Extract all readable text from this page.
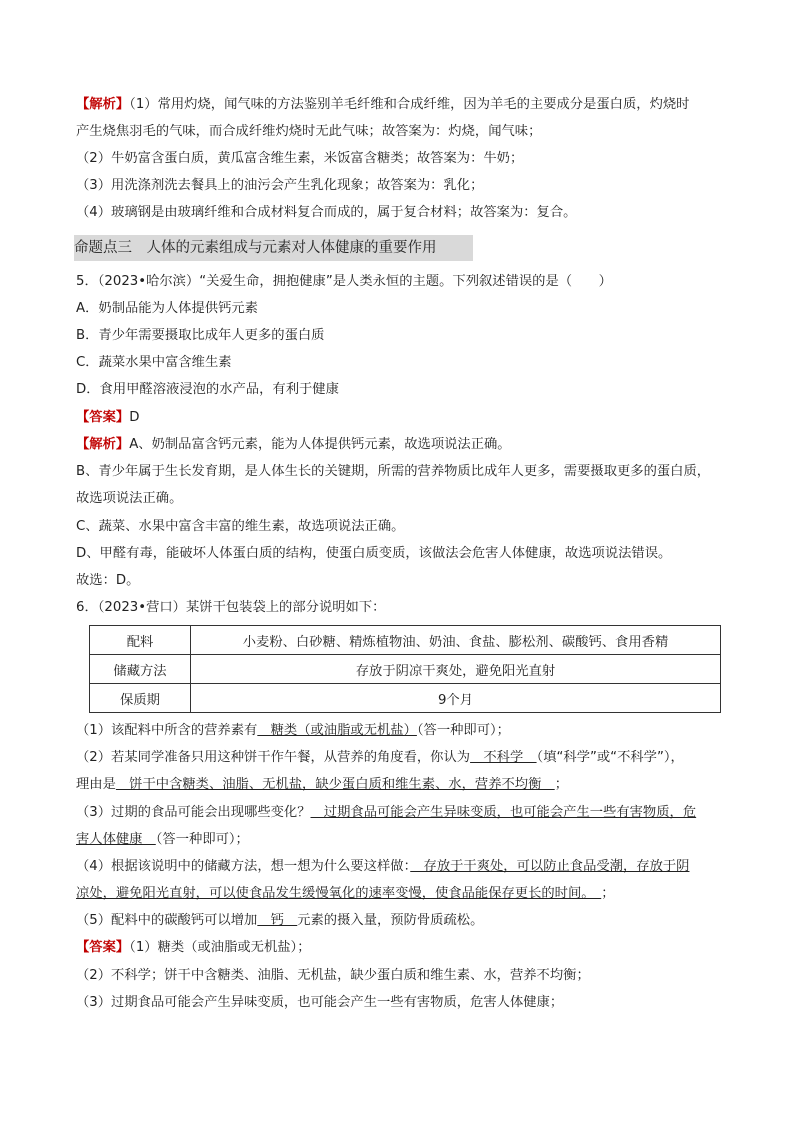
【解析】（1）常用灼烧，闻气味的方法鉴别羊毛纤维和合成纤维，因为羊毛的主要成分是蛋白质，灼烧时
产生烧焦羽毛的气味，而合成纤维灼烧时无此气味；故答案为：灼烧，闻气味；
（2）牛奶富含蛋白质，黄瓜富含维生素，米饭富含糖类；故答案为：牛奶；
（3）用洗涤剂洗去餐具上的油污会产生乳化现象；故答案为：乳化；
（4）玻璃钢是由玻璃纤维和合成材料复合而成的，属于复合材料；故答案为：复合。
命题点三　人体的元素组成与元素对人体健康的重要作用
5．（2023•哈尔滨）“关爱生命，拥抱健康”是人类永恒的主题。下列叙述错误的是（　　）
A．奶制品能为人体提供钙元素
B．青少年需要摄取比成年人更多的蛋白质
C．蔬菜水果中富含维生素
D．食用甲醛溶液浸泡的水产品，有利于健康
【答案】D
【解析】A、奶制品富含钙元素，能为人体提供钙元素，故选项说法正确。
B、青少年属于生长发育期，是人体生长的关键期，所需的营养物质比成年人更多，需要摄取更多的蛋白质，
故选项说法正确。
C、蔬菜、水果中富含丰富的维生素，故选项说法正确。
D、甲醛有毒，能破坏人体蛋白质的结构，使蛋白质变质，该做法会危害人体健康，故选项说法错误。
故选：D。
6．（2023•营口）某饼干包装袋上的部分说明如下：
配料	小麦粉、白砂糖、精炼植物油、奶油、食盐、膨松剂、碳酸钙、食用香精
储藏方法	存放于阴凉干爽处，避免阳光直射
保质期	9个月
（1）该配料中所含的营养素有　糖类（或油脂或无机盐）（答一种即可）；
（2）若某同学准备只用这种饼干作午餐，从营养的角度看，你认为　不科学　（填“科学”或“不科学”），
理由是　饼干中含糖类、油脂、无机盐，缺少蛋白质和维生素、水，营养不均衡　；
（3）过期的食品可能会出现哪些变化？　过期食品可能会产生异味变质，也可能会产生一些有害物质，危
害人体健康　（答一种即可）；
（4）根据该说明中的储藏方法，想一想为什么要这样做：　存放于干爽处，可以防止食品受潮，存放于阴
凉处，避免阳光直射，可以使食品发生缓慢氧化的速率变慢，使食品能保存更长的时间。　；
（5）配料中的碳酸钙可以增加　钙　元素的摄入量，预防骨质疏松。
【答案】（1）糖类（或油脂或无机盐）；
（2）不科学；饼干中含糖类、油脂、无机盐，缺少蛋白质和维生素、水，营养不均衡；
（3）过期食品可能会产生异味变质，也可能会产生一些有害物质，危害人体健康；
